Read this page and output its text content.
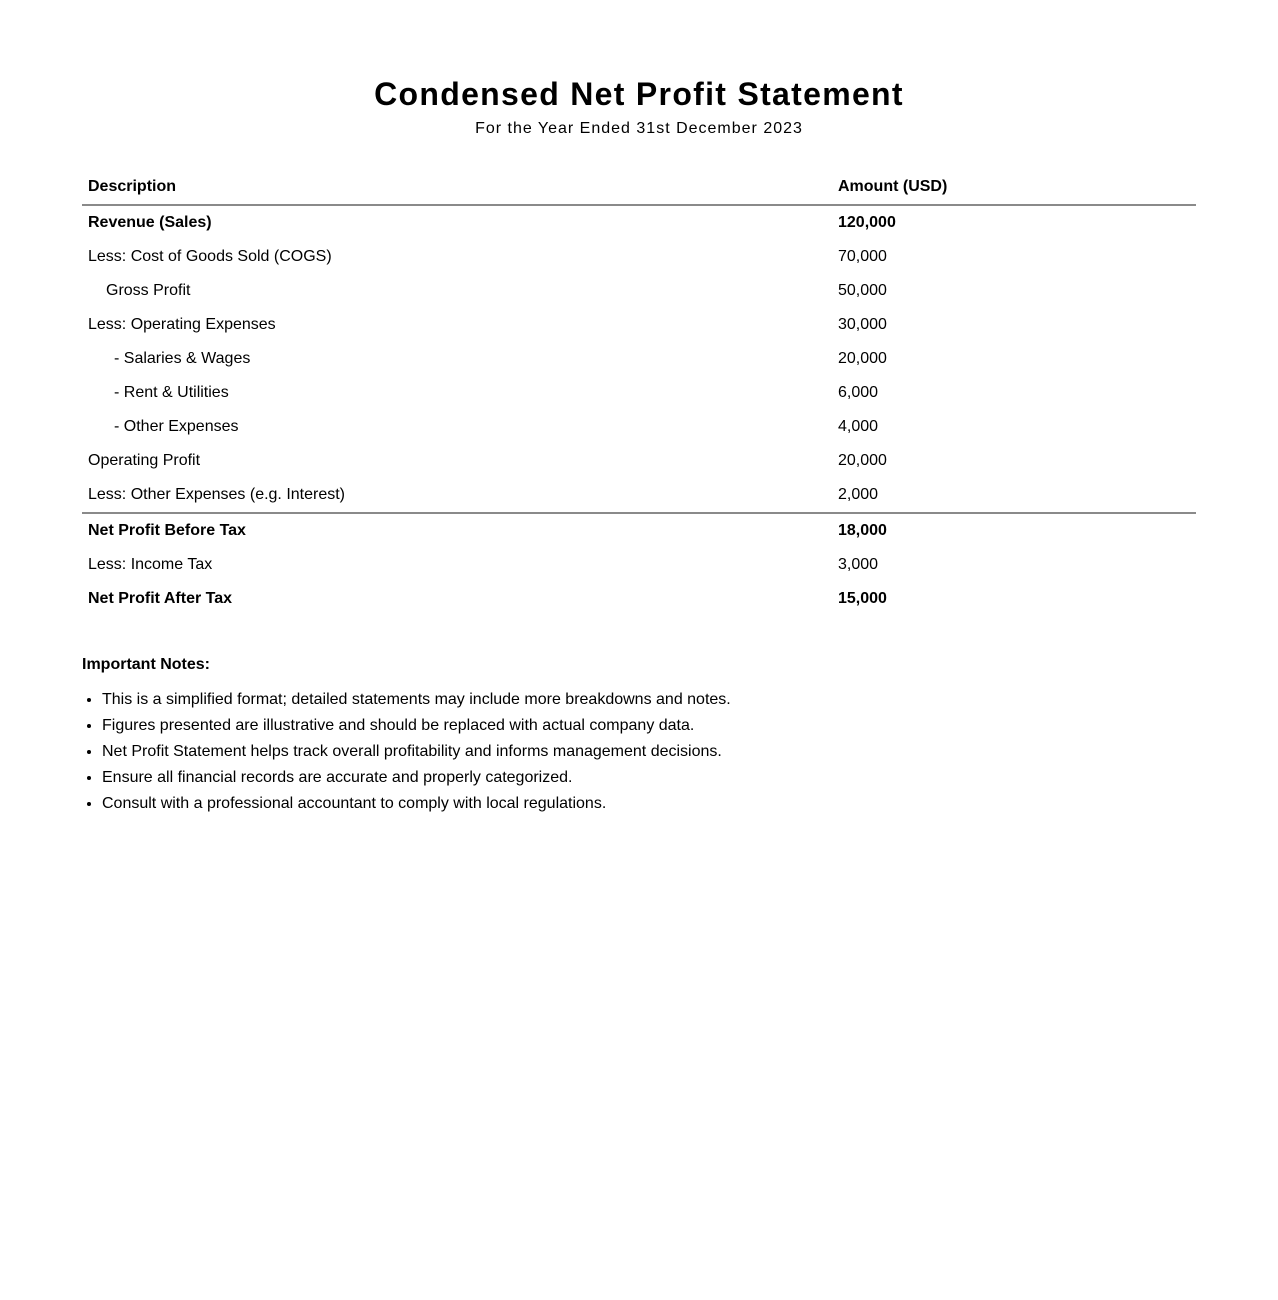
Condensed Net Profit Statement

For the Year Ended 31st December 2023

Description	Amount (USD)
Revenue (Sales)	120,000
Less: Cost of Goods Sold (COGS)	70,000
Gross Profit	50,000
Less: Operating Expenses	30,000
- Salaries & Wages	20,000
- Rent & Utilities	6,000
- Other Expenses	4,000
Operating Profit	20,000
Less: Other Expenses (e.g. Interest)	2,000
Net Profit Before Tax	18,000
Less: Income Tax	3,000
Net Profit After Tax	15,000

Important Notes:

• This is a simplified format; detailed statements may include more breakdowns and notes.
• Figures presented are illustrative and should be replaced with actual company data.
• Net Profit Statement helps track overall profitability and informs management decisions.
• Ensure all financial records are accurate and properly categorized.
• Consult with a professional accountant to comply with local regulations.
